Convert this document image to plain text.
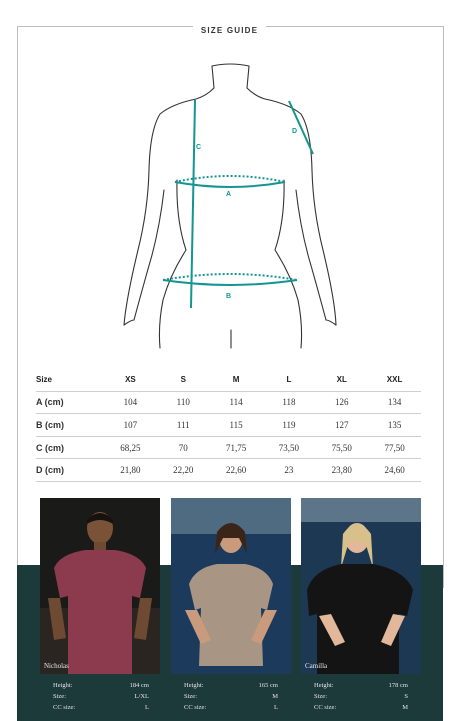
SIZE GUIDE
C
D
A
B
Size	XS	S	M	L	XL	XXL
A (cm)	104	110	114	118	126	134
B (cm)	107	111	115	119	127	135
C (cm)	68,25	70	71,75	73,50	75,50	77,50
D (cm)	21,80	22,20	22,60	23	23,80	24,60
Nicholas	Camilla
Height:	184 cm
Size:	L/XL
CC size:	L
Height:	165 cm
Size:	M
CC size:	L
Height:	178 cm
Size:	S
CC size:	M
